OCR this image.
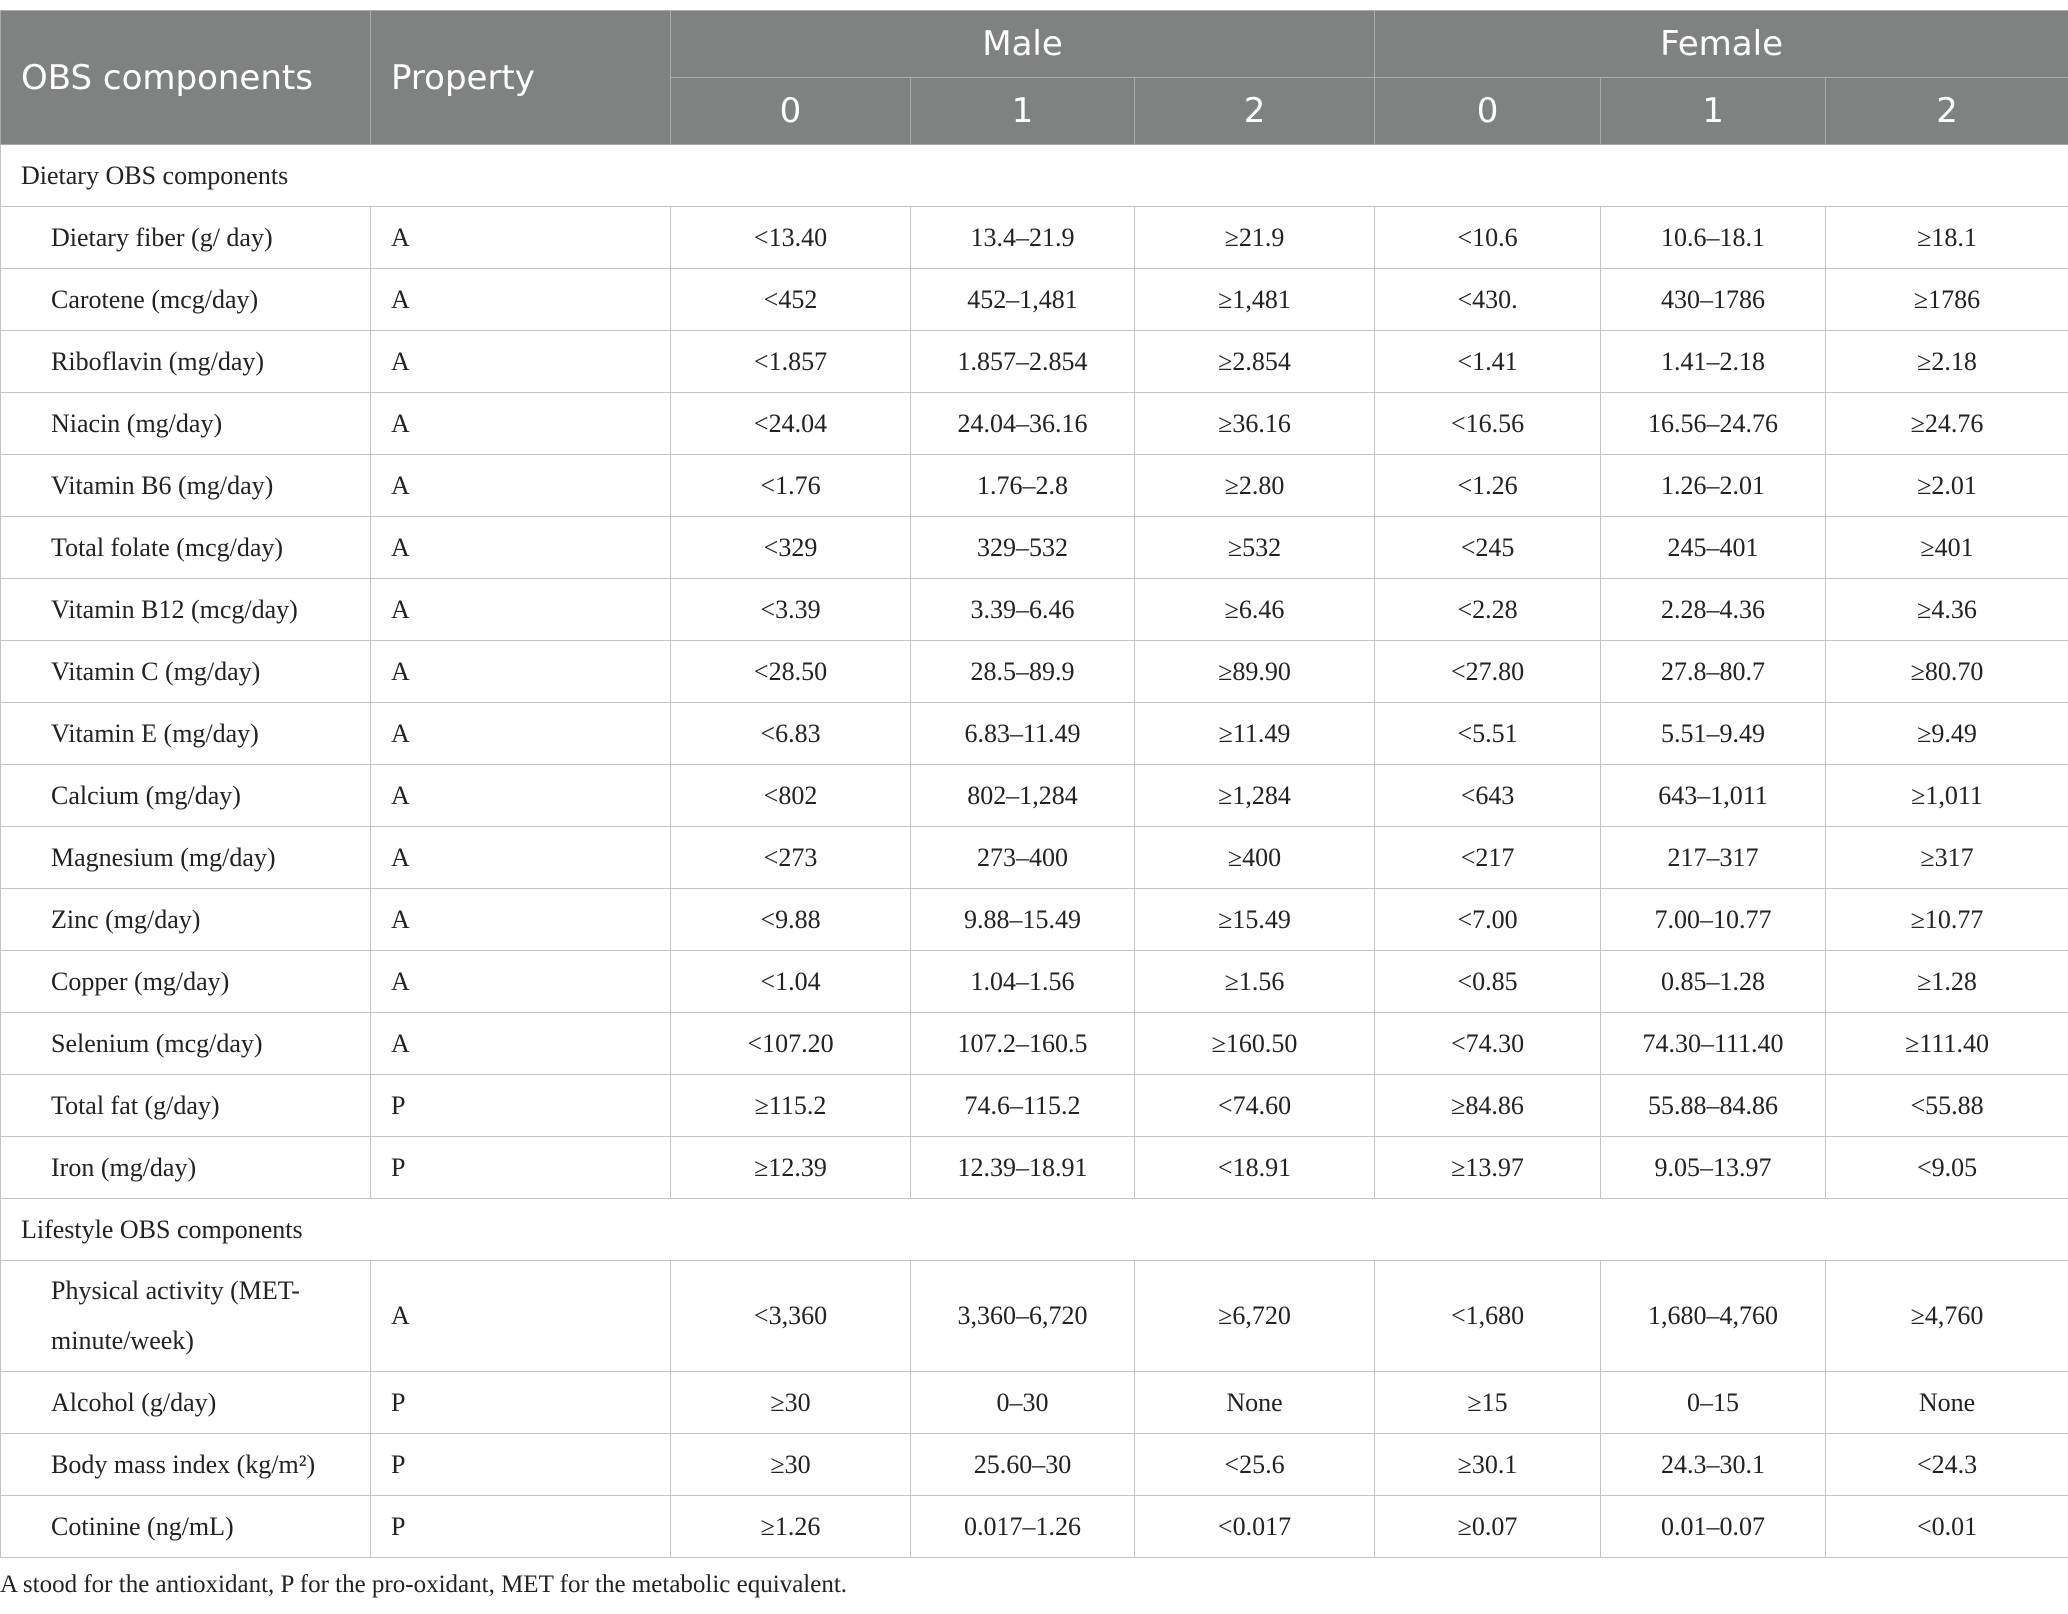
OBS components	Property	Male			Female		
		0	1	2	0	1	2
Dietary OBS components							
Dietary fiber (g/ day)	A	<13.40	13.4–21.9	≥21.9	<10.6	10.6–18.1	≥18.1
Carotene (mcg/day)	A	<452	452–1,481	≥1,481	<430.	430–1786	≥1786
Riboflavin (mg/day)	A	<1.857	1.857–2.854	≥2.854	<1.41	1.41–2.18	≥2.18
Niacin (mg/day)	A	<24.04	24.04–36.16	≥36.16	<16.56	16.56–24.76	≥24.76
Vitamin B6 (mg/day)	A	<1.76	1.76–2.8	≥2.80	<1.26	1.26–2.01	≥2.01
Total folate (mcg/day)	A	<329	329–532	≥532	<245	245–401	≥401
Vitamin B12 (mcg/day)	A	<3.39	3.39–6.46	≥6.46	<2.28	2.28–4.36	≥4.36
Vitamin C (mg/day)	A	<28.50	28.5–89.9	≥89.90	<27.80	27.8–80.7	≥80.70
Vitamin E (mg/day)	A	<6.83	6.83–11.49	≥11.49	<5.51	5.51–9.49	≥9.49
Calcium (mg/day)	A	<802	802–1,284	≥1,284	<643	643–1,011	≥1,011
Magnesium (mg/day)	A	<273	273–400	≥400	<217	217–317	≥317
Zinc (mg/day)	A	<9.88	9.88–15.49	≥15.49	<7.00	7.00–10.77	≥10.77
Copper (mg/day)	A	<1.04	1.04–1.56	≥1.56	<0.85	0.85–1.28	≥1.28
Selenium (mcg/day)	A	<107.20	107.2–160.5	≥160.50	<74.30	74.30–111.40	≥111.40
Total fat (g/day)	P	≥115.2	74.6–115.2	<74.60	≥84.86	55.88–84.86	<55.88
Iron (mg/day)	P	≥12.39	12.39–18.91	<18.91	≥13.97	9.05–13.97	<9.05
Lifestyle OBS components							
Physical activity (MET-minute/week)	A	<3,360	3,360–6,720	≥6,720	<1,680	1,680–4,760	≥4,760
Alcohol (g/day)	P	≥30	0–30	None	≥15	0–15	None
Body mass index (kg/m²)	P	≥30	25.60–30	<25.6	≥30.1	24.3–30.1	<24.3
Cotinine (ng/mL)	P	≥1.26	0.017–1.26	<0.017	≥0.07	0.01–0.07	<0.01
A stood for the antioxidant, P for the pro-oxidant, MET for the metabolic equivalent.
